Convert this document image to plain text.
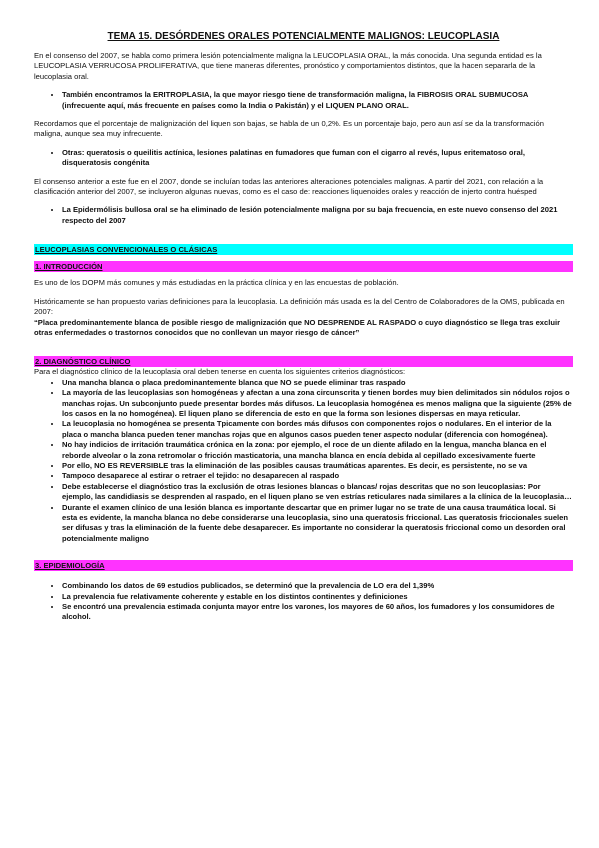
TEMA 15. DESÓRDENES ORALES POTENCIALMENTE MALIGNOS: LEUCOPLASIA

En el consenso del 2007, se habla como primera lesión potencialmente maligna la LEUCOPLASIA ORAL, la más conocida. Una segunda entidad es la LEUCOPLASIA VERRUCOSA PROLIFERATIVA, que tiene maneras diferentes, pronóstico y comportamientos distintos, que la hacen separarla de la leucoplasia oral.

• También encontramos la ERITROPLASIA, la que mayor riesgo tiene de transformación maligna, la FIBROSIS ORAL SUBMUCOSA (infrecuente aquí, más frecuente en países como la India o Pakistán) y el LIQUEN PLANO ORAL.

Recordamos que el porcentaje de malignización del liquen son bajas, se habla de un 0,2%. Es un porcentaje bajo, pero aun así se da la transformación maligna, aunque sea muy infrecuente.

• Otras: queratosis o queilitis actínica, lesiones palatinas en fumadores que fuman con el cigarro al revés, lupus eritematoso oral, disqueratosis congénita

El consenso anterior a este fue en el 2007, donde se incluían todas las anteriores alteraciones potenciales malignas. A partir del 2021, con relación a la clasificación anterior del 2007, se incluyeron algunas nuevas, como es el caso de: reacciones liquenoides orales y reacción de injerto contra huésped

• La Epidermólisis bullosa oral se ha eliminado de lesión potencialmente maligna por su baja frecuencia, en este nuevo consenso del 2021 respecto del 2007
LEUCOPLASIAS CONVENCIONALES O CLÁSICAS
1. INTRODUCCIÓN

Es uno de los DOPM más comunes y más estudiadas en la práctica clínica y en las encuestas de población.

Históricamente se han propuesto varias definiciones para la leucoplasia. La definición más usada es la del Centro de Colaboradores de la OMS, publicada en 2007:

“Placa predominantemente blanca de posible riesgo de malignización que NO DESPRENDE AL RASPADO o cuyo diagnóstico se llega tras excluir otras enfermedades o trastornos conocidos que no conllevan un mayor riesgo de cáncer”

2. DIAGNÓSTICO CLÍNICO
Para el diagnóstico clínico de la leucoplasia oral deben tenerse en cuenta los siguientes criterios diagnósticos:
• Una mancha blanca o placa predominantemente blanca que NO se puede eliminar tras raspado
• La mayoría de las leucoplasias son homogéneas y afectan a una zona circunscrita y tienen bordes muy bien delimitados sin nódulos rojos o manchas rojas. Un subconjunto puede presentar bordes más difusos. La leucoplasia homogénea es menos maligna que la siguiente (25% de los casos en la no homogénea). El liquen plano se diferencia de esto en que la forma son lesiones dispersas en maya reticular.
• La leucoplasia no homogénea se presenta Tpicamente con bordes más difusos con componentes rojos o nodulares. En el interior de la placa o mancha blanca pueden tener manchas rojas que en algunos casos pueden tener aspecto nodular (diferencia con homogénea).
• No hay indicios de irritación traumática crónica en la zona: por ejemplo, el roce de un diente afilado en la lengua, mancha blanca en el reborde alveolar o la zona retromolar o fricción masticatoria, una mancha blanca en encía debida al cepillado excesivamente fuerte
• Por ello, NO ES REVERSIBLE tras la eliminación de las posibles causas traumáticas aparentes. Es decir, es persistente, no se va
• Tampoco desaparece al estirar o retraer el tejido: no desaparecen al raspado
• Debe establecerse el diagnóstico tras la exclusión de otras lesiones blancas o blancas/ rojas descritas que no son leucoplasias: Por ejemplo, las candidiasis se desprenden al raspado, en el liquen plano se ven estrías reticulares nada similares a la clínica de la leucoplasia…
• Durante el examen clínico de una lesión blanca es importante descartar que en primer lugar no se trate de una causa traumática local. Si esta es evidente, la mancha blanca no debe considerarse una leucoplasia, sino una queratosis friccional. Las queratosis friccionales suelen ser difusas y tras la eliminación de la fuente debe desaparecer. Es importante no considerar la queratosis friccional como un desorden oral potencialmente maligno
3. EPIDEMIOLOGÍA
• Combinando los datos de 69 estudios publicados, se determinó que la prevalencia de LO era del 1,39%
• La prevalencia fue relativamente coherente y estable en los distintos continentes y definiciones
• Se encontró una prevalencia estimada conjunta mayor entre los varones, los mayores de 60 años, los fumadores y los consumidores de alcohol.
